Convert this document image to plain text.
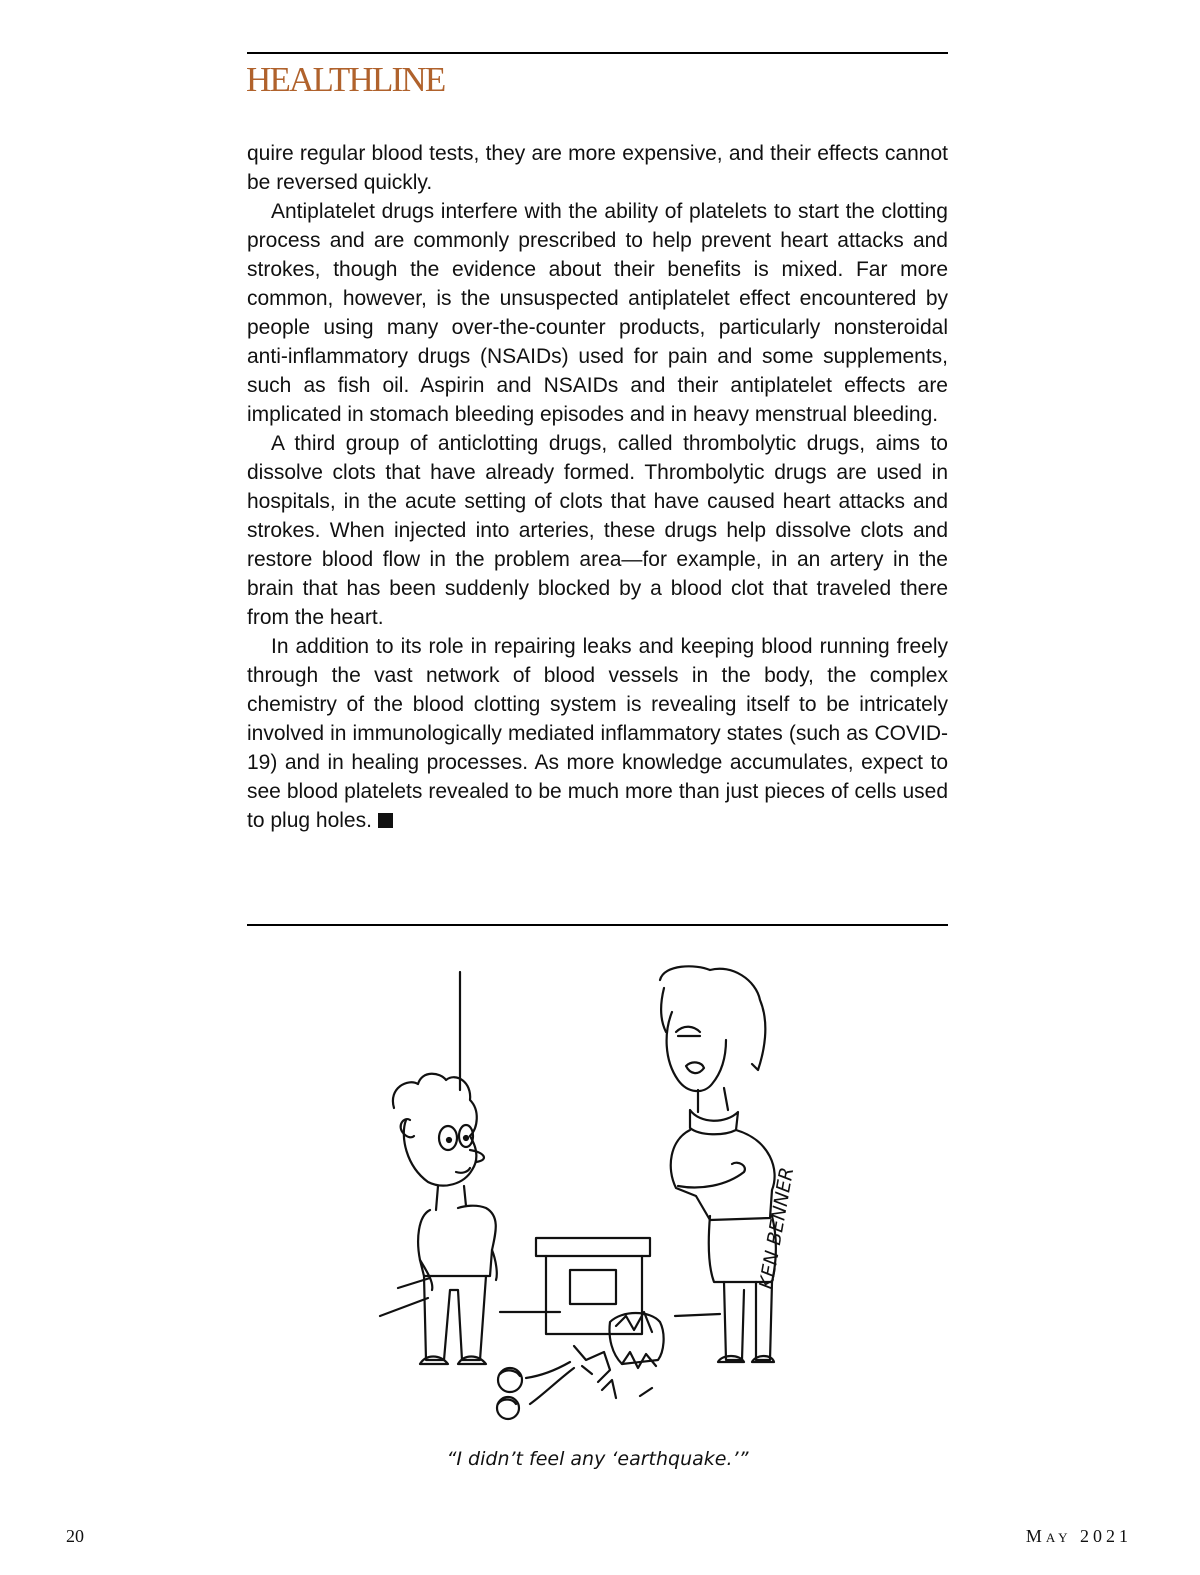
HEALTHLINE

quire regular blood tests, they are more expensive, and their effects cannot be reversed quickly.

Antiplatelet drugs interfere with the ability of platelets to start the clotting process and are commonly prescribed to help prevent heart attacks and strokes, though the evidence about their benefits is mixed. Far more common, however, is the unsuspected antiplatelet effect encountered by people using many over-the-counter products, particularly nonsteroidal anti-inflammatory drugs (NSAIDs) used for pain and some supplements, such as fish oil. Aspirin and NSAIDs and their antiplatelet effects are implicated in stomach bleeding episodes and in heavy menstrual bleeding.

A third group of anticlotting drugs, called thrombolytic drugs, aims to dissolve clots that have already formed. Thrombolytic drugs are used in hospitals, in the acute setting of clots that have caused heart attacks and strokes. When injected into arteries, these drugs help dissolve clots and restore blood flow in the problem area—for example, in an artery in the brain that has been suddenly blocked by a blood clot that traveled there from the heart.

In addition to its role in repairing leaks and keeping blood running freely through the vast network of blood vessels in the body, the complex chemistry of the blood clotting system is revealing itself to be intricately involved in immunologically mediated inflammatory states (such as COVID-19) and in healing processes. As more knowledge accumulates, expect to see blood platelets revealed to be much more than just pieces of cells used to plug holes.

KEN BENNER
“I didn’t feel any ‘earthquake.’”
20	MAY 2021
